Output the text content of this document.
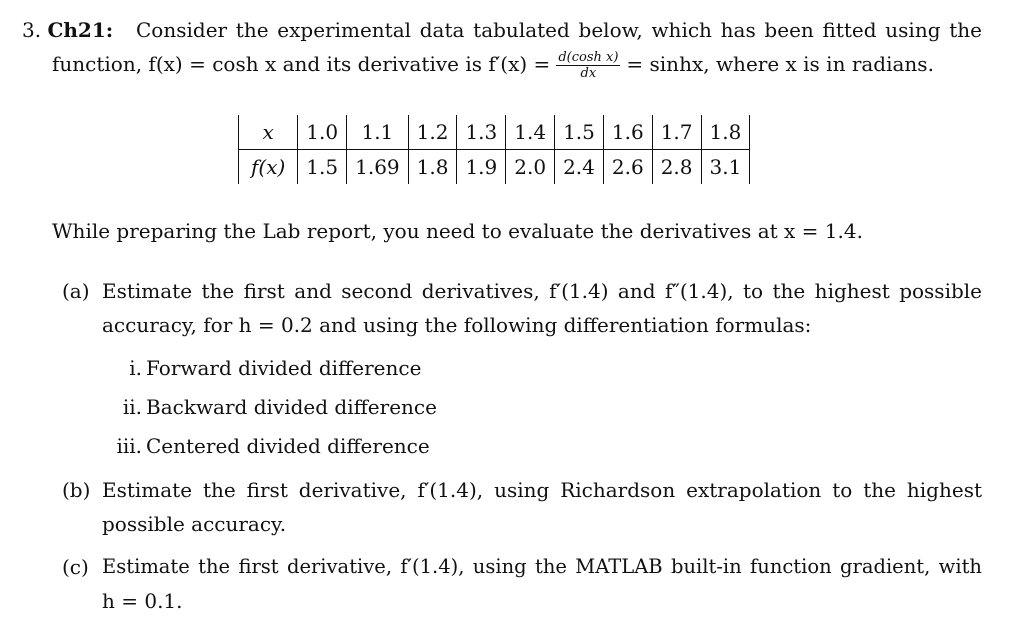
3. Ch21: Consider the experimental data tabulated below, which has been fitted using the
function, f(x) = cosh x and its derivative is $f'(x) = \frac{\text{d(cosh x)}}{dx} = \sinh x$, where x is in radians.
x	1.0	1.1	1.2	1.3	1.4	1.5	1.6	1.7	1.8
f(x)	1.5	1.69	1.8	1.9	2.0	2.4	2.6	2.8	3.1
While preparing the Lab report, you need to evaluate the derivatives at x = 1.4.
(a) Estimate the first and second derivatives, f′(1.4) and f″(1.4), to the highest possible
accuracy, for h = 0.2 and using the following differentiation formulas:
i. Forward divided difference
ii. Backward divided difference
iii. Centered divided difference
(b) Estimate the first derivative, f′(1.4), using Richardson extrapolation to the highest
possible accuracy.
(c) Estimate the first derivative, f′(1.4), using the MATLAB built-in function gradient, with
h = 0.1.
